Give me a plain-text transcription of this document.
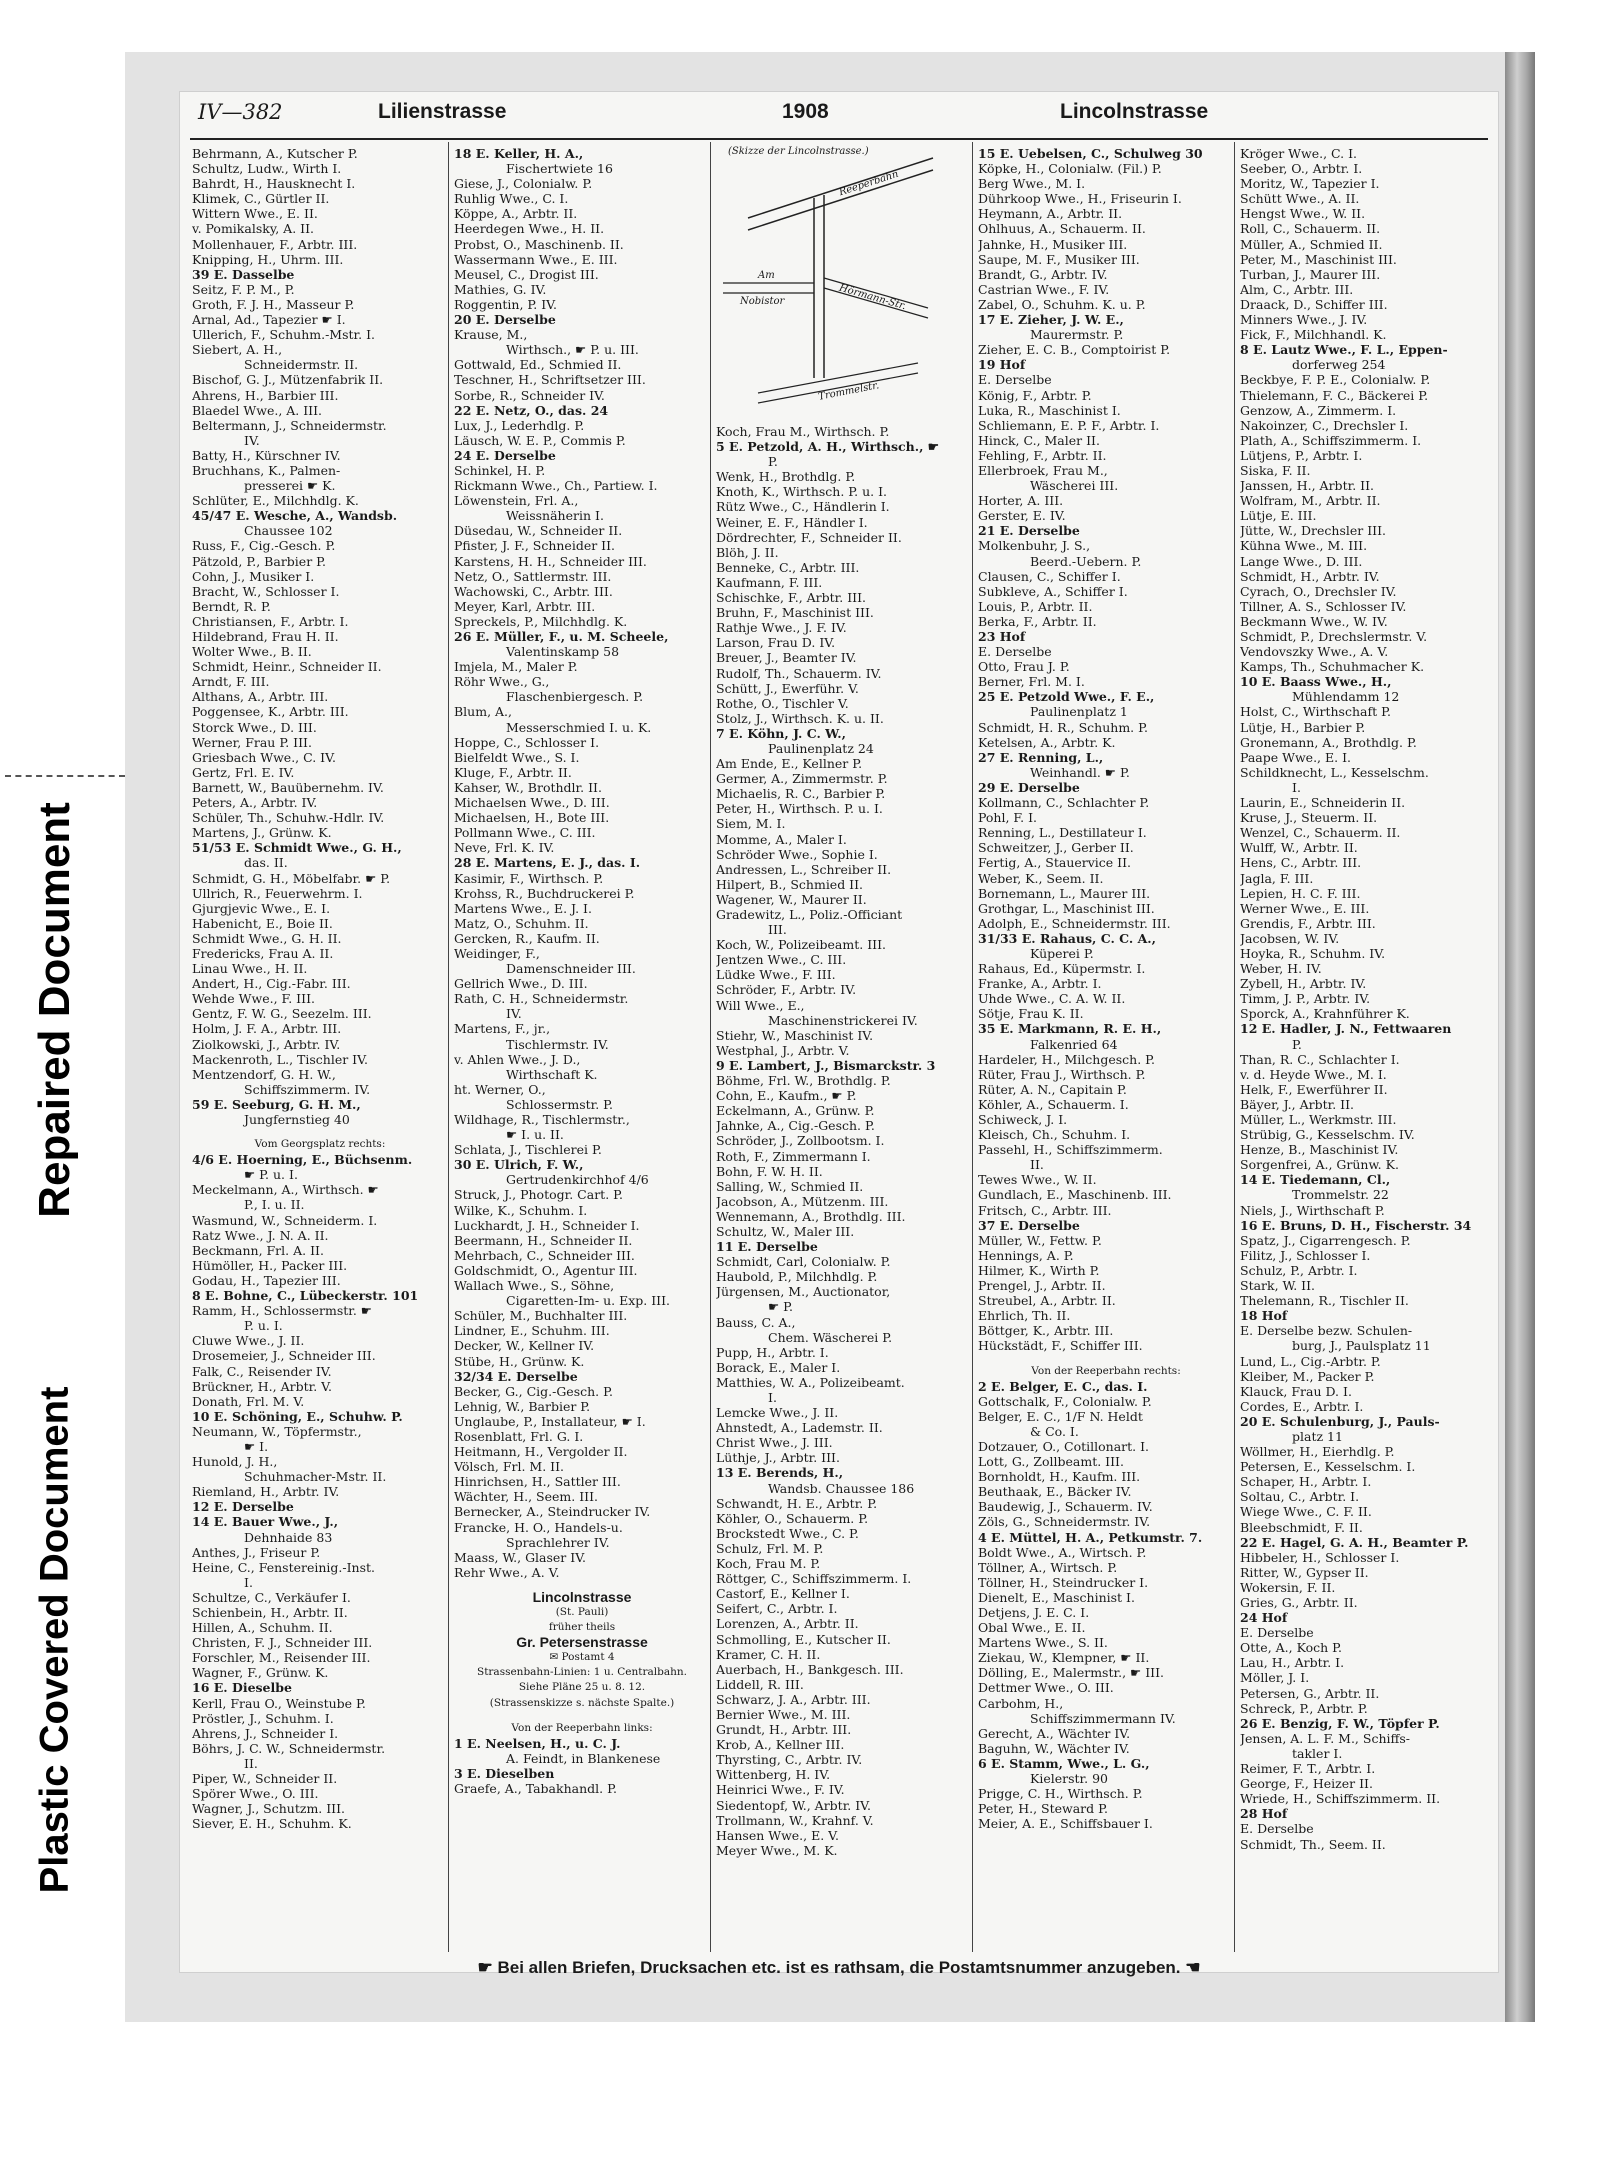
Repaired Document
Plastic Covered Document
IV—382	Lilienstrasse	1908	Lincolnstrasse
Behrmann, A., Kutscher P.
Schultz, Ludw., Wirth I.
Bahrdt, H., Hausknecht I.
Klimek, C., Gürtler II.
Wittern Wwe., E. II.
v. Pomikalsky, A. II.
Mollenhauer, F., Arbtr. III.
Knipping, H., Uhrm. III.
39 E. Dasselbe
Seitz, F. P. M., P.
Groth, F. J. H., Masseur P.
Arnal, Ad., Tapezier ☛ I.
Ullerich, F., Schuhm.-Mstr. I.
Siebert, A. H.,
Schneidermstr. II.
Bischof, G. J., Mützenfabrik II.
Ahrens, H., Barbier III.
Blaedel Wwe., A. III.
Beltermann, J., Schneidermstr.
IV.
Batty, H., Kürschner IV.
Bruchhans, K., Palmen-
presserei ☛ K.
Schlüter, E., Milchhdlg. K.
45/47 E. Wesche, A., Wandsb.
Chaussee 102
Russ, F., Cig.-Gesch. P.
Pätzold, P., Barbier P.
Cohn, J., Musiker I.
Bracht, W., Schlosser I.
Berndt, R. P.
Christiansen, F., Arbtr. I.
Hildebrand, Frau H. II.
Wolter Wwe., B. II.
Schmidt, Heinr., Schneider II.
Arndt, F. III.
Althans, A., Arbtr. III.
Poggensee, K., Arbtr. III.
Storck Wwe., D. III.
Werner, Frau P. III.
Griesbach Wwe., C. IV.
Gertz, Frl. E. IV.
Barnett, W., Bauübernehm. IV.
Peters, A., Arbtr. IV.
Schüler, Th., Schuhw.-Hdlr. IV.
Martens, J., Grünw. K.
51/53 E. Schmidt Wwe., G. H.,
das. II.
Schmidt, G. H., Möbelfabr. ☛ P.
Ullrich, R., Feuerwehrm. I.
Gjurgjevic Wwe., E. I.
Habenicht, E., Boie II.
Schmidt Wwe., G. H. II.
Fredericks, Frau A. II.
Linau Wwe., H. II.
Andert, H., Cig.-Fabr. III.
Wehde Wwe., F. III.
Gentz, F. W. G., Seezelm. III.
Holm, J. F. A., Arbtr. III.
Ziolkowski, J., Arbtr. IV.
Mackenroth, L., Tischler IV.
Mentzendorf, G. H. W.,
Schiffszimmerm. IV.
59 E. Seeburg, G. H. M.,
Jungfernstieg 40
Vom Georgsplatz rechts:
4/6 E. Hoerning, E., Büchsenm.
☛ P. u. I.
Meckelmann, A., Wirthsch. ☛
P., I. u. II.
Wasmund, W., Schneiderm. I.
Ratz Wwe., J. N. A. II.
Beckmann, Frl. A. II.
Hümöller, H., Packer III.
Godau, H., Tapezier III.
8 E. Bohne, C., Lübeckerstr. 101
Ramm, H., Schlossermstr. ☛
P. u. I.
Cluwe Wwe., J. II.
Drosemeier, J., Schneider III.
Falk, C., Reisender IV.
Brückner, H., Arbtr. V.
Donath, Frl. M. V.
10 E. Schöning, E., Schuhw. P.
Neumann, W., Töpfermstr.,
☛ I.
Hunold, J. H.,
Schuhmacher-Mstr. II.
Riemland, H., Arbtr. IV.
12 E. Derselbe
14 E. Bauer Wwe., J.,
Dehnhaide 83
Anthes, J., Friseur P.
Heine, C., Fenstereinig.-Inst.
I.
Schultze, C., Verkäufer I.
Schienbein, H., Arbtr. II.
Hillen, A., Schuhm. II.
Christen, F. J., Schneider III.
Forschler, M., Reisender III.
Wagner, F., Grünw. K.
16 E. Dieselbe
Kerll, Frau O., Weinstube P.
Pröstler, J., Schuhm. I.
Ahrens, J., Schneider I.
Böhrs, J. C. W., Schneidermstr.
II.
Piper, W., Schneider II.
Spörer Wwe., O. III.
Wagner, J., Schutzm. III.
Siever, E. H., Schuhm. K.
18 E. Keller, H. A.,
Fischertwiete 16
Giese, J., Colonialw. P.
Ruhlig Wwe., C. I.
Köppe, A., Arbtr. II.
Heerdegen Wwe., H. II.
Probst, O., Maschinenb. II.
Wassermann Wwe., E. III.
Meusel, C., Drogist III.
Mathies, G. IV.
Roggentin, P. IV.
20 E. Derselbe
Krause, M.,
Wirthsch., ☛ P. u. III.
Gottwald, Ed., Schmied II.
Teschner, H., Schriftsetzer III.
Sorbe, R., Schneider IV.
22 E. Netz, O., das. 24
Lux, J., Lederhdlg. P.
Läusch, W. E. P., Commis P.
24 E. Derselbe
Schinkel, H. P.
Rickmann Wwe., Ch., Partiew. I.
Löwenstein, Frl. A.,
Weissnäherin I.
Düsedau, W., Schneider II.
Pfister, J. F., Schneider II.
Karstens, H. H., Schneider III.
Netz, O., Sattlermstr. III.
Wachowski, C., Arbtr. III.
Meyer, Karl, Arbtr. III.
Spreckels, P., Milchhdlg. K.
26 E. Müller, F., u. M. Scheele,
Valentinskamp 58
Imjela, M., Maler P.
Röhr Wwe., G.,
Flaschenbiergesch. P.
Blum, A.,
Messerschmied I. u. K.
Hoppe, C., Schlosser I.
Bielfeldt Wwe., S. I.
Kluge, F., Arbtr. II.
Kahser, W., Brothdlr. II.
Michaelsen Wwe., D. III.
Michaelsen, H., Bote III.
Pollmann Wwe., C. III.
Neve, Frl. K. IV.
28 E. Martens, E. J., das. I.
Kasimir, F., Wirthsch. P.
Krohss, R., Buchdruckerei P.
Martens Wwe., E. J. I.
Matz, O., Schuhm. II.
Gercken, R., Kaufm. II.
Weidinger, F.,
Damenschneider III.
Gellrich Wwe., D. III.
Rath, C. H., Schneidermstr.
IV.
Martens, F., jr.,
Tischlermstr. IV.
v. Ahlen Wwe., J. D.,
Wirthschaft K.
ht. Werner, O.,
Schlossermstr. P.
Wildhage, R., Tischlermstr.,
☛ I. u. II.
Schlata, J., Tischlerei P.
30 E. Ulrich, F. W.,
Gertrudenkirchhof 4/6
Struck, J., Photogr. Cart. P.
Wilke, K., Schuhm. I.
Luckhardt, J. H., Schneider I.
Beermann, H., Schneider II.
Mehrbach, C., Schneider III.
Goldschmidt, O., Agentur III.
Wallach Wwe., S., Söhne,
Cigaretten-Im- u. Exp. III.
Schüler, M., Buchhalter III.
Lindner, E., Schuhm. III.
Decker, W., Kellner IV.
Stübe, H., Grünw. K.
32/34 E. Derselbe
Becker, G., Cig.-Gesch. P.
Lehnig, W., Barbier P.
Unglaube, P., Installateur, ☛ I.
Rosenblatt, Frl. G. I.
Heitmann, H., Vergolder II.
Völsch, Frl. M. II.
Hinrichsen, H., Sattler III.
Wächter, H., Seem. III.
Bernecker, A., Steindrucker IV.
Francke, H. O., Handels-u.
Sprachlehrer IV.
Maass, W., Glaser IV.
Rehr Wwe., A. V.
Lincolnstrasse
(St. Pauli)
früher theils
Gr. Petersenstrasse
✉ Postamt 4
Strassenbahn-Linien: 1 u. Centralbahn.
Siehe Pläne 25 u. 8. 12.
(Strassenskizze s. nächste Spalte.)
Von der Reeperbahn links:
1 E. Neelsen, H., u. C. J.
A. Feindt, in Blankenese
3 E. Dieselben
Graefe, A., Tabakhandl. P.
(Skizze der Lincolnstrasse.)
Reeperbahn
Am
Nobistor	Hörmann-Str.
Trommelstr.
Koch, Frau M., Wirthsch. P.
5 E. Petzold, A. H., Wirthsch., ☛
P.
Wenk, H., Brothdlg. P.
Knoth, K., Wirthsch. P. u. I.
Rütz Wwe., C., Händlerin I.
Weiner, E. F., Händler I.
Dördrechter, F., Schneider II.
Blöh, J. II.
Benneke, C., Arbtr. III.
Kaufmann, F. III.
Schischke, F., Arbtr. III.
Bruhn, F., Maschinist III.
Rathje Wwe., J. F. IV.
Larson, Frau D. IV.
Breuer, J., Beamter IV.
Rudolf, Th., Schauerm. IV.
Schütt, J., Ewerführ. V.
Rothe, O., Tischler V.
Stolz, J., Wirthsch. K. u. II.
7 E. Köhn, J. C. W.,
Paulinenplatz 24
Am Ende, E., Kellner P.
Germer, A., Zimmermstr. P.
Michaelis, R. C., Barbier P.
Peter, H., Wirthsch. P. u. I.
Siem, M. I.
Momme, A., Maler I.
Schröder Wwe., Sophie I.
Andressen, L., Schreiber II.
Hilpert, B., Schmied II.
Wagener, W., Maurer II.
Gradewitz, L., Poliz.-Officiant
III.
Koch, W., Polizeibeamt. III.
Jentzen Wwe., C. III.
Lüdke Wwe., F. III.
Schröder, F., Arbtr. IV.
Will Wwe., E.,
Maschinenstrickerei IV.
Stiehr, W., Maschinist IV.
Westphal, J., Arbtr. V.
9 E. Lambert, J., Bismarckstr. 3
Böhme, Frl. W., Brothdlg. P.
Cohn, E., Kaufm., ☛ P.
Eckelmann, A., Grünw. P.
Jahnke, A., Cig.-Gesch. P.
Schröder, J., Zollbootsm. I.
Roth, F., Zimmermann I.
Bohn, F. W. H. II.
Salling, W., Schmied II.
Jacobson, A., Mützenm. III.
Wennemann, A., Brothdlg. III.
Schultz, W., Maler III.
11 E. Derselbe
Schmidt, Carl, Colonialw. P.
Haubold, P., Milchhdlg. P.
Jürgensen, M., Auctionator,
☛ P.
Bauss, C. A.,
Chem. Wäscherei P.
Pupp, H., Arbtr. I.
Borack, E., Maler I.
Matthies, W. A., Polizeibeamt.
I.
Lemcke Wwe., J. II.
Ahnstedt, A., Lademstr. II.
Christ Wwe., J. III.
Lüthje, J., Arbtr. III.
13 E. Berends, H.,
Wandsb. Chaussee 186
Schwandt, H. E., Arbtr. P.
Köhler, O., Schauerm. P.
Brockstedt Wwe., C. P.
Schulz, Frl. M. P.
Koch, Frau M. P.
Röttger, C., Schiffszimmerm. I.
Castorf, E., Kellner I.
Seifert, C., Arbtr. I.
Lorenzen, A., Arbtr. II.
Schmolling, E., Kutscher II.
Kramer, C. H. II.
Auerbach, H., Bankgesch. III.
Liddell, R. III.
Schwarz, J. A., Arbtr. III.
Bernier Wwe., M. III.
Grundt, H., Arbtr. III.
Krob, A., Kellner III.
Thyrsting, C., Arbtr. IV.
Wittenberg, H. IV.
Heinrici Wwe., F. IV.
Siedentopf, W., Arbtr. IV.
Trollmann, W., Krahnf. V.
Hansen Wwe., E. V.
Meyer Wwe., M. K.
15 E. Uebelsen, C., Schulweg 30
Köpke, H., Colonialw. (Fil.) P.
Berg Wwe., M. I.
Dührkoop Wwe., H., Friseurin I.
Heymann, A., Arbtr. II.
Ohlhuus, A., Schauerm. II.
Jahnke, H., Musiker III.
Saupe, M. F., Musiker III.
Brandt, G., Arbtr. IV.
Castrian Wwe., F. IV.
Zabel, O., Schuhm. K. u. P.
17 E. Zieher, J. W. E.,
Maurermstr. P.
Zieher, E. C. B., Comptoirist P.
19 Hof
E. Derselbe
König, F., Arbtr. P.
Luka, R., Maschinist I.
Schliemann, E. P. F., Arbtr. I.
Hinck, C., Maler II.
Fehling, F., Arbtr. II.
Ellerbroek, Frau M.,
Wäscherei III.
Horter, A. III.
Gerster, E. IV.
21 E. Derselbe
Molkenbuhr, J. S.,
Beerd.-Uebern. P.
Clausen, C., Schiffer I.
Subkleve, A., Schiffer I.
Louis, P., Arbtr. II.
Berka, F., Arbtr. II.
23 Hof
E. Derselbe
Otto, Frau J. P.
Berner, Frl. M. I.
25 E. Petzold Wwe., F. E.,
Paulinenplatz 1
Schmidt, H. R., Schuhm. P.
Ketelsen, A., Arbtr. K.
27 E. Renning, L.,
Weinhandl. ☛ P.
29 E. Derselbe
Kollmann, C., Schlachter P.
Pohl, F. I.
Renning, L., Destillateur I.
Schweitzer, J., Gerber II.
Fertig, A., Stauervice II.
Weber, K., Seem. II.
Bornemann, L., Maurer III.
Grothgar, L., Maschinist III.
Adolph, E., Schneidermstr. III.
31/33 E. Rahaus, C. C. A.,
Küperei P.
Rahaus, Ed., Küpermstr. I.
Franke, A., Arbtr. I.
Uhde Wwe., C. A. W. II.
Sötje, Frau K. II.
35 E. Markmann, R. E. H.,
Falkenried 64
Hardeler, H., Milchgesch. P.
Rüter, Frau J., Wirthsch. P.
Rüter, A. N., Capitain P.
Köhler, A., Schauerm. I.
Schiweck, J. I.
Kleisch, Ch., Schuhm. I.
Passehl, H., Schiffszimmerm.
II.
Tewes Wwe., W. II.
Gundlach, E., Maschinenb. III.
Fritsch, C., Arbtr. III.
37 E. Derselbe
Müller, W., Fettw. P.
Hennings, A. P.
Hilmer, K., Wirth P.
Prengel, J., Arbtr. II.
Streubel, A., Arbtr. II.
Ehrlich, Th. II.
Böttger, K., Arbtr. III.
Hückstädt, F., Schiffer III.
Von der Reeperbahn rechts:
2 E. Belger, E. C., das. I.
Gottschalk, F., Colonialw. P.
Belger, E. C., 1/F N. Heldt
& Co. I.
Dotzauer, O., Cotillonart. I.
Lott, G., Zollbeamt. III.
Bornholdt, H., Kaufm. III.
Beuthaak, E., Bäcker IV.
Baudewig, J., Schauerm. IV.
Zöls, G., Schneidermstr. IV.
4 E. Müttel, H. A., Petkumstr. 7.
Boldt Wwe., A., Wirtsch. P.
Töllner, A., Wirtsch. P.
Töllner, H., Steindrucker I.
Dienelt, E., Maschinist I.
Detjens, J. E. C. I.
Obal Wwe., E. II.
Martens Wwe., S. II.
Ziekau, W., Klempner, ☛ II.
Dölling, E., Malermstr., ☛ III.
Dettmer Wwe., O. III.
Carbohm, H.,
Schiffszimmermann IV.
Gerecht, A., Wächter IV.
Baguhn, W., Wächter IV.
6 E. Stamm, Wwe., L. G.,
Kielerstr. 90
Prigge, C. H., Wirthsch. P.
Peter, H., Steward P.
Meier, A. E., Schiffsbauer I.
Kröger Wwe., C. I.
Seeber, O., Arbtr. I.
Moritz, W., Tapezier I.
Schütt Wwe., A. II.
Hengst Wwe., W. II.
Roll, C., Schauerm. II.
Müller, A., Schmied II.
Peter, M., Maschinist III.
Turban, J., Maurer III.
Alm, C., Arbtr. III.
Draack, D., Schiffer III.
Minners Wwe., J. IV.
Fick, F., Milchhandl. K.
8 E. Lautz Wwe., F. L., Eppen-
dorferweg 254
Beckbye, F. P. E., Colonialw. P.
Thielemann, F. C., Bäckerei P.
Genzow, A., Zimmerm. I.
Nakoinzer, C., Drechsler I.
Plath, A., Schiffszimmerm. I.
Lütjens, P., Arbtr. I.
Siska, F. II.
Janssen, H., Arbtr. II.
Wolfram, M., Arbtr. II.
Lütje, E. III.
Jütte, W., Drechsler III.
Kühna Wwe., M. III.
Lange Wwe., D. III.
Schmidt, H., Arbtr. IV.
Cyrach, O., Drechsler IV.
Tillner, A. S., Schlosser IV.
Beckmann Wwe., W. IV.
Schmidt, P., Drechslermstr. V.
Vendovszky Wwe., A. V.
Kamps, Th., Schuhmacher K.
10 E. Baass Wwe., H.,
Mühlendamm 12
Holst, C., Wirthschaft P.
Lütje, H., Barbier P.
Gronemann, A., Brothdlg. P.
Paape Wwe., E. I.
Schildknecht, L., Kesselschm.
I.
Laurin, E., Schneiderin II.
Kruse, J., Steuerm. II.
Wenzel, C., Schauerm. II.
Wulff, W., Arbtr. II.
Hens, C., Arbtr. III.
Jagla, F. III.
Lepien, H. C. F. III.
Werner Wwe., E. III.
Grendis, F., Arbtr. III.
Jacobsen, W. IV.
Hoyka, R., Schuhm. IV.
Weber, H. IV.
Zybell, H., Arbtr. IV.
Timm, J. P., Arbtr. IV.
Sporck, A., Krahnführer K.
12 E. Hadler, J. N., Fettwaaren
P.
Than, R. C., Schlachter I.
v. d. Heyde Wwe., M. I.
Helk, F., Ewerführer II.
Bäyer, J., Arbtr. II.
Müller, L., Werkmstr. III.
Strübig, G., Kesselschm. IV.
Henze, B., Maschinist IV.
Sorgenfrei, A., Grünw. K.
14 E. Tiedemann, Cl.,
Trommelstr. 22
Niels, J., Wirthschaft P.
16 E. Bruns, D. H., Fischerstr. 34
Spatz, J., Cigarrengesch. P.
Filitz, J., Schlosser I.
Schulz, P., Arbtr. I.
Stark, W. II.
Thelemann, R., Tischler II.
18 Hof
E. Derselbe bezw. Schulen-
burg, J., Paulsplatz 11
Lund, L., Cig.-Arbtr. P.
Kleiber, M., Packer P.
Klauck, Frau D. I.
Cordes, E., Arbtr. I.
20 E. Schulenburg, J., Pauls-
platz 11
Wöllmer, H., Eierhdlg. P.
Petersen, E., Kesselschm. I.
Schaper, H., Arbtr. I.
Soltau, C., Arbtr. I.
Wiege Wwe., C. F. II.
Bleebschmidt, F. II.
22 E. Hagel, G. A. H., Beamter P.
Hibbeler, H., Schlosser I.
Ritter, W., Gypser II.
Wokersin, F. II.
Gries, G., Arbtr. II.
24 Hof
E. Derselbe
Otte, A., Koch P.
Lau, H., Arbtr. I.
Möller, J. I.
Petersen, G., Arbtr. II.
Schreck, P., Arbtr. P.
26 E. Benzig, F. W., Töpfer P.
Jensen, A. L. F. M., Schiffs-
takler I.
Reimer, F. T., Arbtr. I.
George, F., Heizer II.
Wriede, H., Schiffszimmerm. II.
28 Hof
E. Derselbe
Schmidt, Th., Seem. II.
☛ Bei allen Briefen, Drucksachen etc. ist es rathsam, die Postamtsnummer anzugeben. ☚
